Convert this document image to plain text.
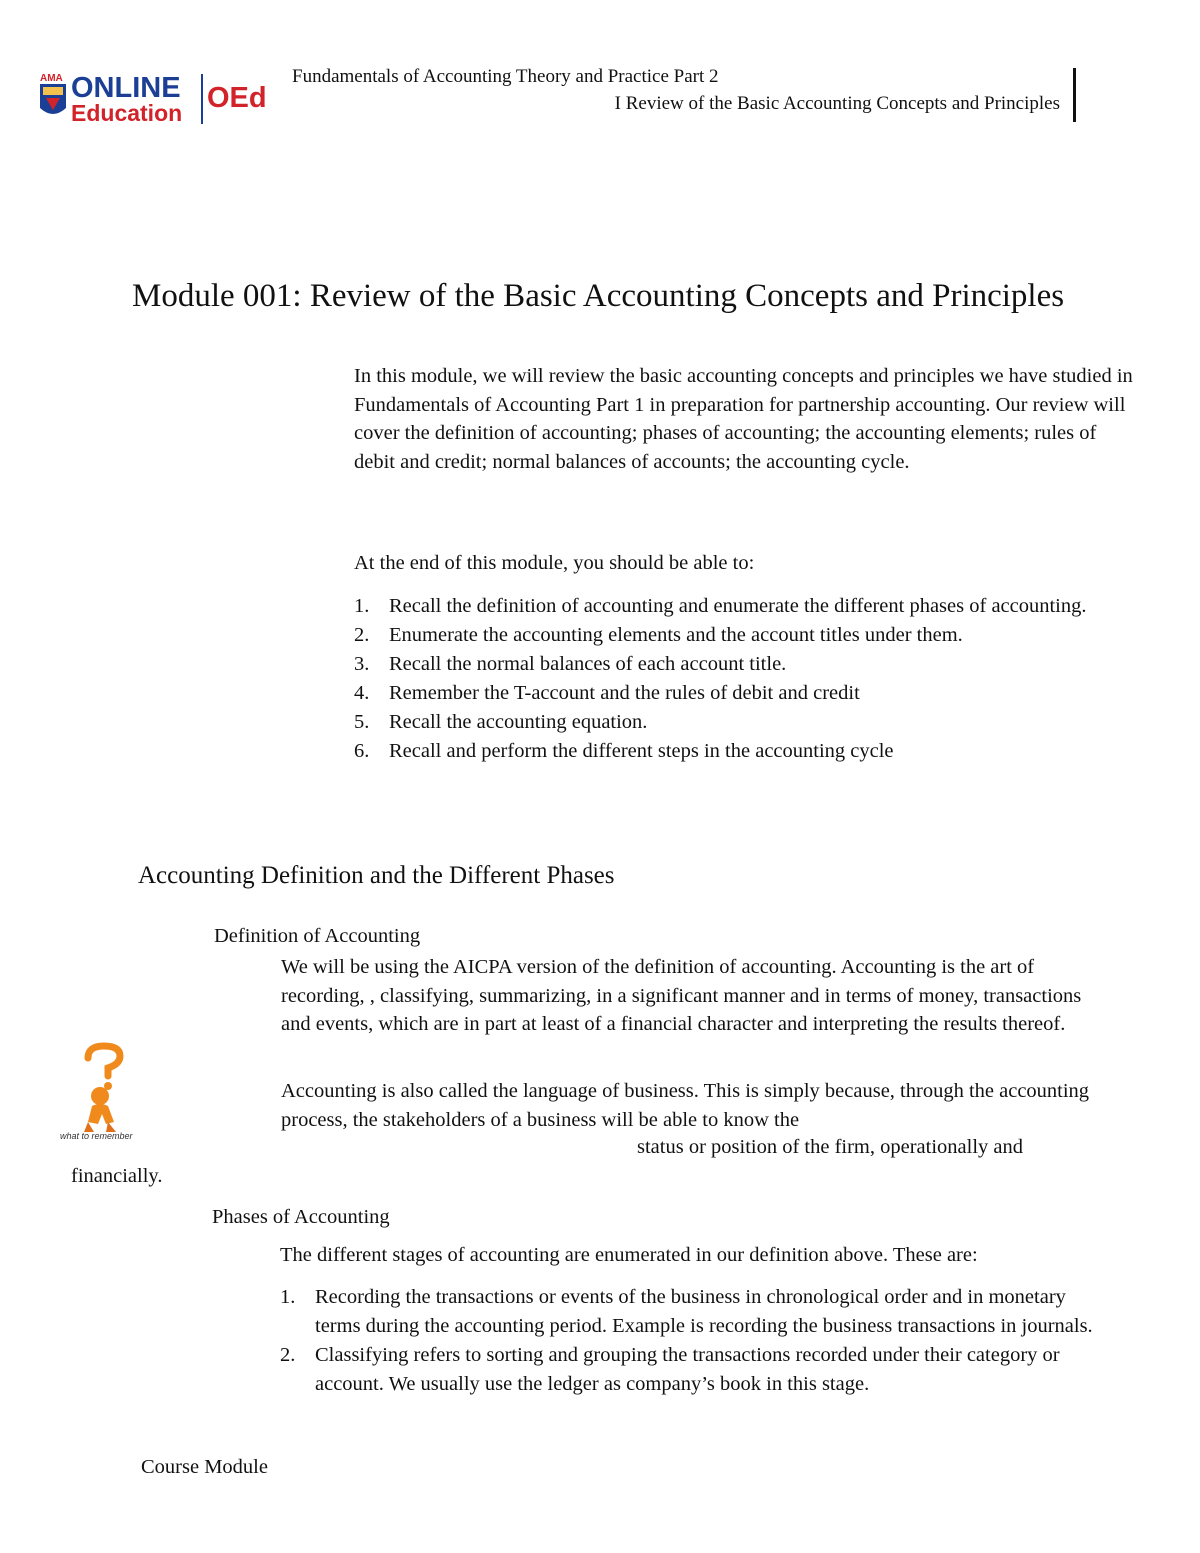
AMA ONLINE
Education OEd
Fundamentals of Accounting Theory and Practice Part 2
I Review of the Basic Accounting Concepts and Principles
Module 001: Review of the Basic Accounting Concepts and Principles
In this module, we will review the basic accounting concepts and principles we have studied in Fundamentals of Accounting Part 1 in preparation for partnership accounting. Our review will cover the definition of accounting; phases of accounting; the accounting elements; rules of debit and credit; normal balances of accounts; the accounting cycle.
At the end of this module, you should be able to:
1. Recall the definition of accounting and enumerate the different phases of accounting.
2. Enumerate the accounting elements and the account titles under them.
3. Recall the normal balances of each account title.
4. Remember the T-account and the rules of debit and credit
5. Recall the accounting equation.
6. Recall and perform the different steps in the accounting cycle
Accounting Definition and the Different Phases
Definition of Accounting
We will be using the AICPA version of the definition of accounting. Accounting is the art of recording, , classifying, summarizing, in a significant manner and in terms of money, transactions and events, which are in part at least of a financial character and interpreting the results thereof.
what to remember
Accounting is also called the language of business. This is simply because, through the accounting process, the stakeholders of a business will be able to know the
status or position of the firm, operationally and
financially.
Phases of Accounting
The different stages of accounting are enumerated in our definition above. These are:
1. Recording the transactions or events of the business in chronological order and in monetary terms during the accounting period. Example is recording the business transactions in journals.
2. Classifying refers to sorting and grouping the transactions recorded under their category or account. We usually use the ledger as company’s book in this stage.
Course Module
